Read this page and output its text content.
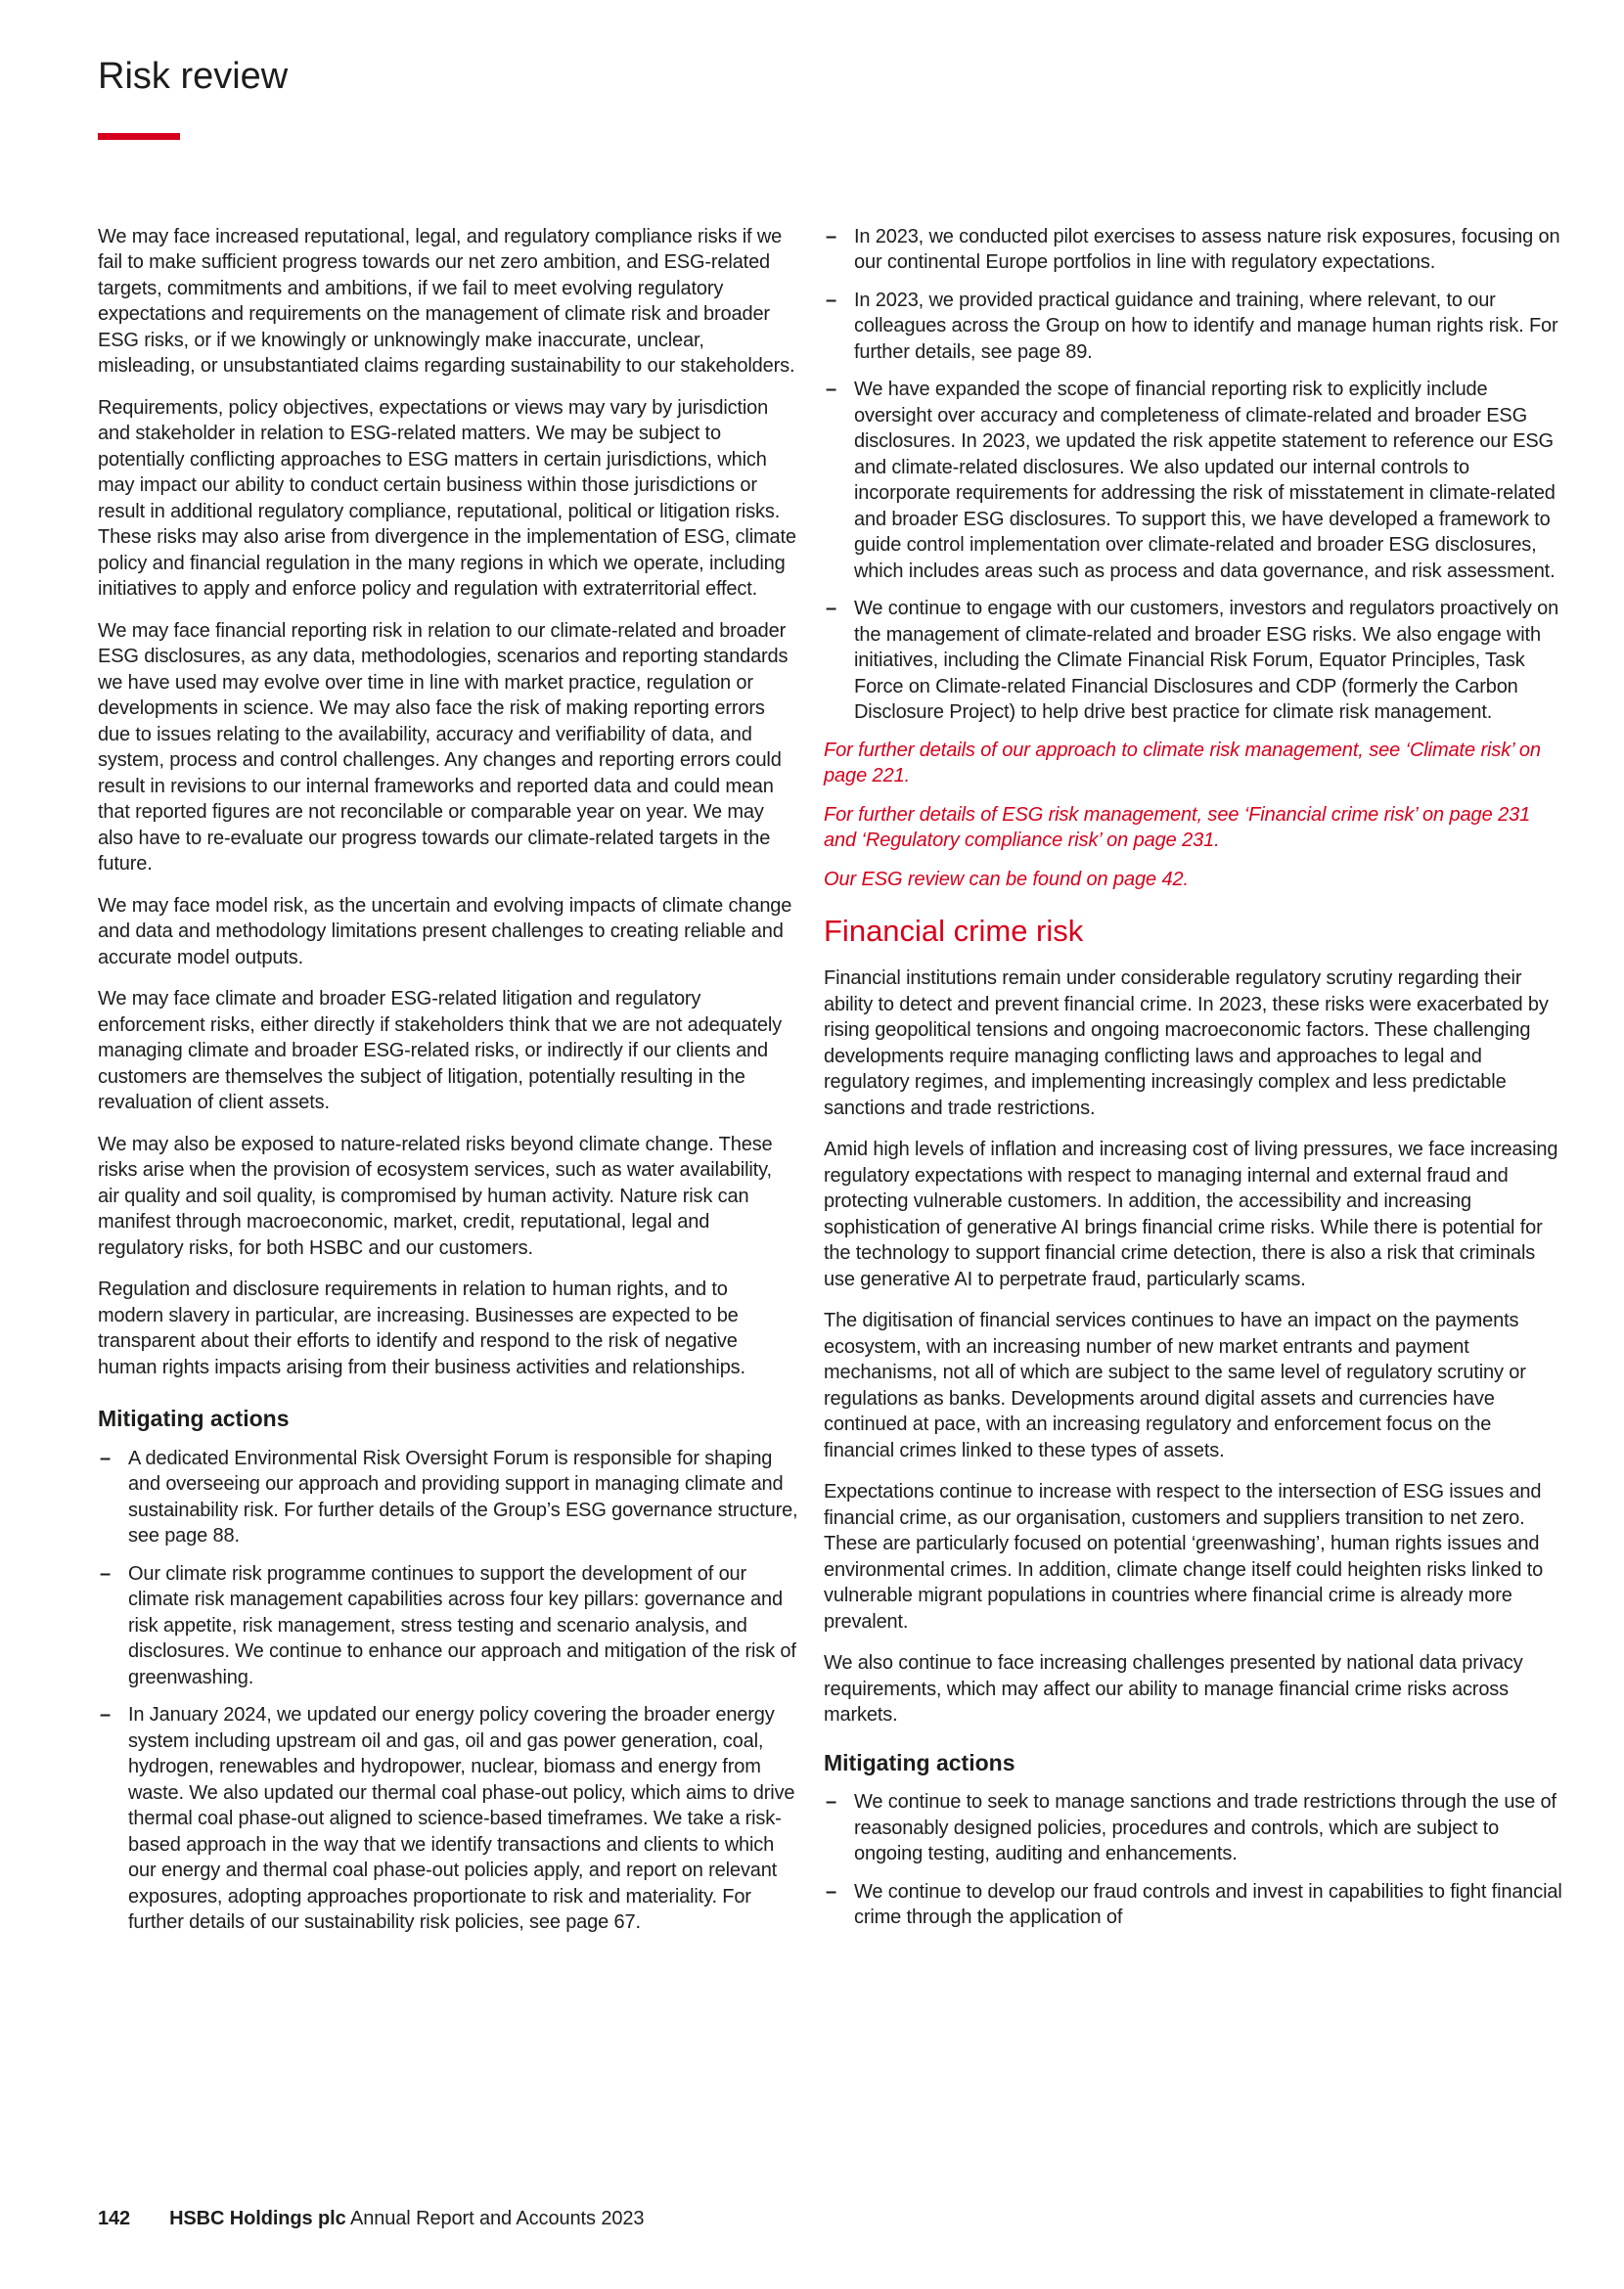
Risk review

We may face increased reputational, legal, and regulatory compliance risks if we fail to make sufficient progress towards our net zero ambition, and ESG-related targets, commitments and ambitions, if we fail to meet evolving regulatory expectations and requirements on the management of climate risk and broader ESG risks, or if we knowingly or unknowingly make inaccurate, unclear, misleading, or unsubstantiated claims regarding sustainability to our stakeholders.

Requirements, policy objectives, expectations or views may vary by jurisdiction and stakeholder in relation to ESG-related matters. We may be subject to potentially conflicting approaches to ESG matters in certain jurisdictions, which may impact our ability to conduct certain business within those jurisdictions or result in additional regulatory compliance, reputational, political or litigation risks. These risks may also arise from divergence in the implementation of ESG, climate policy and financial regulation in the many regions in which we operate, including initiatives to apply and enforce policy and regulation with extraterritorial effect.

We may face financial reporting risk in relation to our climate-related and broader ESG disclosures, as any data, methodologies, scenarios and reporting standards we have used may evolve over time in line with market practice, regulation or developments in science. We may also face the risk of making reporting errors due to issues relating to the availability, accuracy and verifiability of data, and system, process and control challenges. Any changes and reporting errors could result in revisions to our internal frameworks and reported data and could mean that reported figures are not reconcilable or comparable year on year. We may also have to re-evaluate our progress towards our climate-related targets in the future.

We may face model risk, as the uncertain and evolving impacts of climate change and data and methodology limitations present challenges to creating reliable and accurate model outputs.

We may face climate and broader ESG-related litigation and regulatory enforcement risks, either directly if stakeholders think that we are not adequately managing climate and broader ESG-related risks, or indirectly if our clients and customers are themselves the subject of litigation, potentially resulting in the revaluation of client assets.

We may also be exposed to nature-related risks beyond climate change. These risks arise when the provision of ecosystem services, such as water availability, air quality and soil quality, is compromised by human activity. Nature risk can manifest through macroeconomic, market, credit, reputational, legal and regulatory risks, for both HSBC and our customers.

Regulation and disclosure requirements in relation to human rights, and to modern slavery in particular, are increasing. Businesses are expected to be transparent about their efforts to identify and respond to the risk of negative human rights impacts arising from their business activities and relationships.

Mitigating actions
– A dedicated Environmental Risk Oversight Forum is responsible for shaping and overseeing our approach and providing support in managing climate and sustainability risk. For further details of the Group’s ESG governance structure, see page 88.
– Our climate risk programme continues to support the development of our climate risk management capabilities across four key pillars: governance and risk appetite, risk management, stress testing and scenario analysis, and disclosures. We continue to enhance our approach and mitigation of the risk of greenwashing.
– In January 2024, we updated our energy policy covering the broader energy system including upstream oil and gas, oil and gas power generation, coal, hydrogen, renewables and hydropower, nuclear, biomass and energy from waste. We also updated our thermal coal phase-out policy, which aims to drive thermal coal phase-out aligned to science-based timeframes. We take a risk-based approach in the way that we identify transactions and clients to which our energy and thermal coal phase-out policies apply, and report on relevant exposures, adopting approaches proportionate to risk and materiality. For further details of our sustainability risk policies, see page 67.
– In 2023, we conducted pilot exercises to assess nature risk exposures, focusing on our continental Europe portfolios in line with regulatory expectations.
– In 2023, we provided practical guidance and training, where relevant, to our colleagues across the Group on how to identify and manage human rights risk. For further details, see page 89.
– We have expanded the scope of financial reporting risk to explicitly include oversight over accuracy and completeness of climate-related and broader ESG disclosures. In 2023, we updated the risk appetite statement to reference our ESG and climate-related disclosures. We also updated our internal controls to incorporate requirements for addressing the risk of misstatement in climate-related and broader ESG disclosures. To support this, we have developed a framework to guide control implementation over climate-related and broader ESG disclosures, which includes areas such as process and data governance, and risk assessment.
– We continue to engage with our customers, investors and regulators proactively on the management of climate-related and broader ESG risks. We also engage with initiatives, including the Climate Financial Risk Forum, Equator Principles, Task Force on Climate-related Financial Disclosures and CDP (formerly the Carbon Disclosure Project) to help drive best practice for climate risk management.

For further details of our approach to climate risk management, see ‘Climate risk’ on page 221.

For further details of ESG risk management, see ‘Financial crime risk’ on page 231 and ‘Regulatory compliance risk’ on page 231.

Our ESG review can be found on page 42.

Financial crime risk

Financial institutions remain under considerable regulatory scrutiny regarding their ability to detect and prevent financial crime. In 2023, these risks were exacerbated by rising geopolitical tensions and ongoing macroeconomic factors. These challenging developments require managing conflicting laws and approaches to legal and regulatory regimes, and implementing increasingly complex and less predictable sanctions and trade restrictions.

Amid high levels of inflation and increasing cost of living pressures, we face increasing regulatory expectations with respect to managing internal and external fraud and protecting vulnerable customers. In addition, the accessibility and increasing sophistication of generative AI brings financial crime risks. While there is potential for the technology to support financial crime detection, there is also a risk that criminals use generative AI to perpetrate fraud, particularly scams.

The digitisation of financial services continues to have an impact on the payments ecosystem, with an increasing number of new market entrants and payment mechanisms, not all of which are subject to the same level of regulatory scrutiny or regulations as banks. Developments around digital assets and currencies have continued at pace, with an increasing regulatory and enforcement focus on the financial crimes linked to these types of assets.

Expectations continue to increase with respect to the intersection of ESG issues and financial crime, as our organisation, customers and suppliers transition to net zero. These are particularly focused on potential ‘greenwashing’, human rights issues and environmental crimes. In addition, climate change itself could heighten risks linked to vulnerable migrant populations in countries where financial crime is already more prevalent.

We also continue to face increasing challenges presented by national data privacy requirements, which may affect our ability to manage financial crime risks across markets.

Mitigating actions
– We continue to seek to manage sanctions and trade restrictions through the use of reasonably designed policies, procedures and controls, which are subject to ongoing testing, auditing and enhancements.
– We continue to develop our fraud controls and invest in capabilities to fight financial crime through the application of
142 HSBC Holdings plc Annual Report and Accounts 2023
